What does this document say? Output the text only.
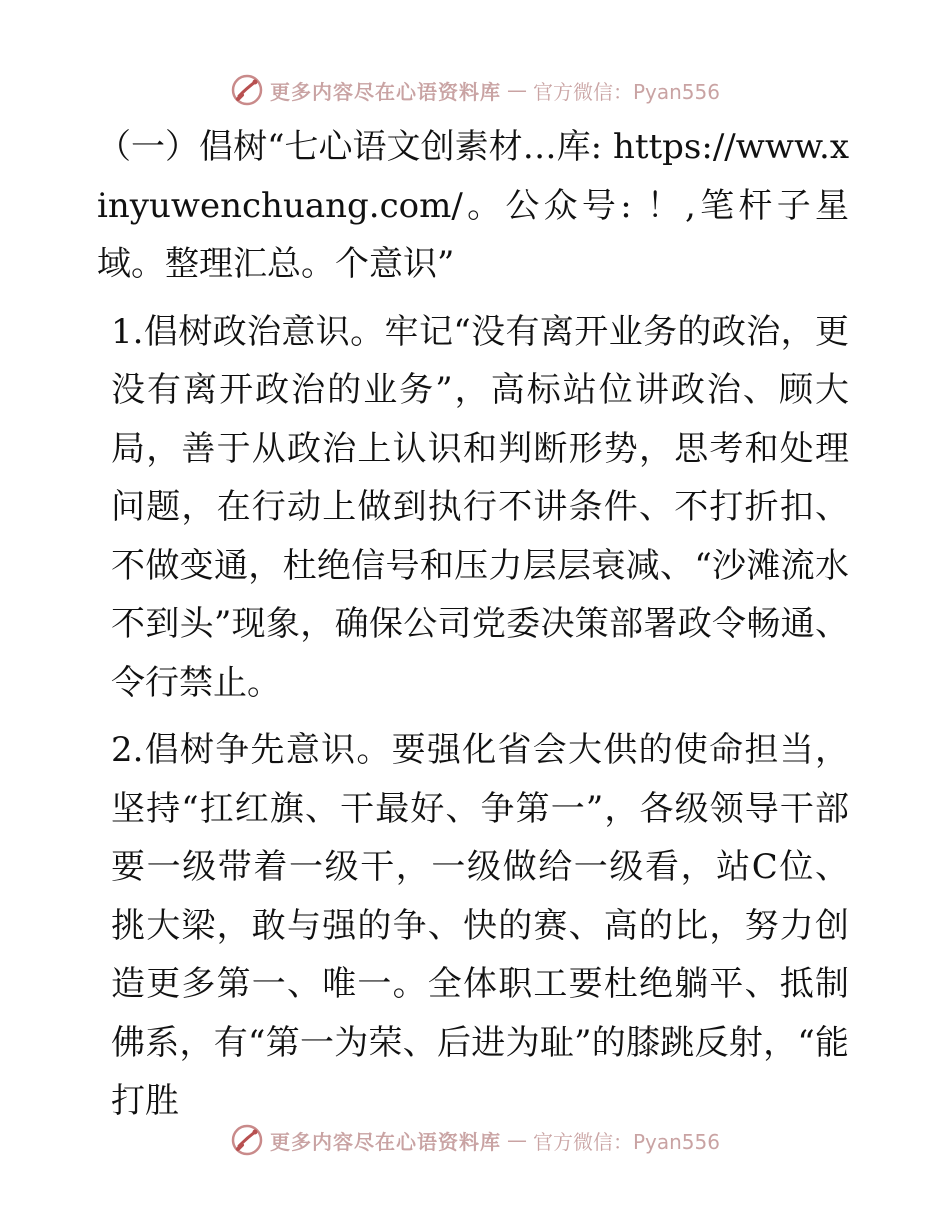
更多内容尽在心语资料库 — 官方微信：Pyan556

（一）倡树“七心语文创素材…库: https://www.xinyuwenchuang.com/。公众号: ！,笔杆子星域。整理汇总。个意识”

1.倡树政治意识。牢记“没有离开业务的政治，更没有离开政治的业务”，高标站位讲政治、顾大局，善于从政治上认识和判断形势，思考和处理问题，在行动上做到执行不讲条件、不打折扣、不做变通，杜绝信号和压力层层衰减、“沙滩流水不到头”现象，确保公司党委决策部署政令畅通、令行禁止。

2.倡树争先意识。要强化省会大供的使命担当，坚持“扛红旗、干最好、争第一”，各级领导干部要一级带着一级干，一级做给一级看，站C位、挑大梁，敢与强的争、快的赛、高的比，努力创造更多第一、唯一。全体职工要杜绝躺平、抵制佛系，有“第一为荣、后进为耻”的膝跳反射，“能打胜

更多内容尽在心语资料库 — 官方微信：Pyan556
